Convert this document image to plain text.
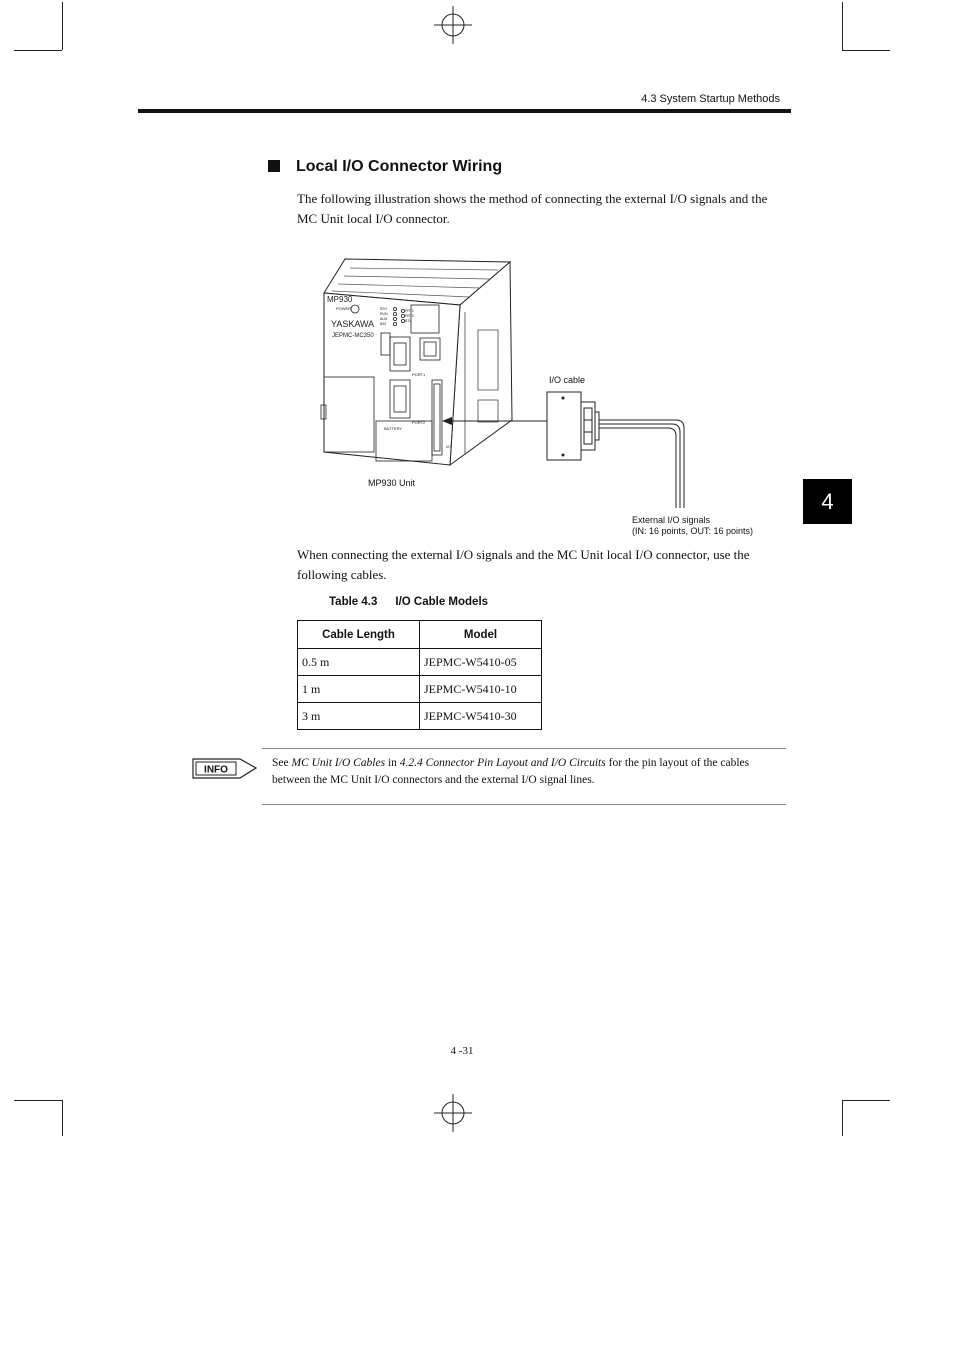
4.3 System Startup Methods
Local I/O Connector Wiring
The following illustration shows the method of connecting the external I/O signals and the MC Unit local I/O connector.
MP930
POWER
YASKAWA
JEPMC-MC350
BATTERY
PORT1
PORT2
I/O
RDY
RUN
ALM
BAT
PRT1
PRT2
BTL
I/O cable
MP930 Unit
External I/O signals
(IN: 16 points, OUT: 16 points)
When connecting the external I/O signals and the MC Unit local I/O connector, use the following cables.
Table 4.3 I/O Cable Models
Cable Length	Model
0.5 m	JEPMC-W5410-05
1 m	JEPMC-W5410-10
3 m	JEPMC-W5410-30
INFO
See MC Unit I/O Cables in 4.2.4 Connector Pin Layout and I/O Circuits for the pin layout of the cables between the MC Unit I/O connectors and the external I/O signal lines.
4
4 -31
